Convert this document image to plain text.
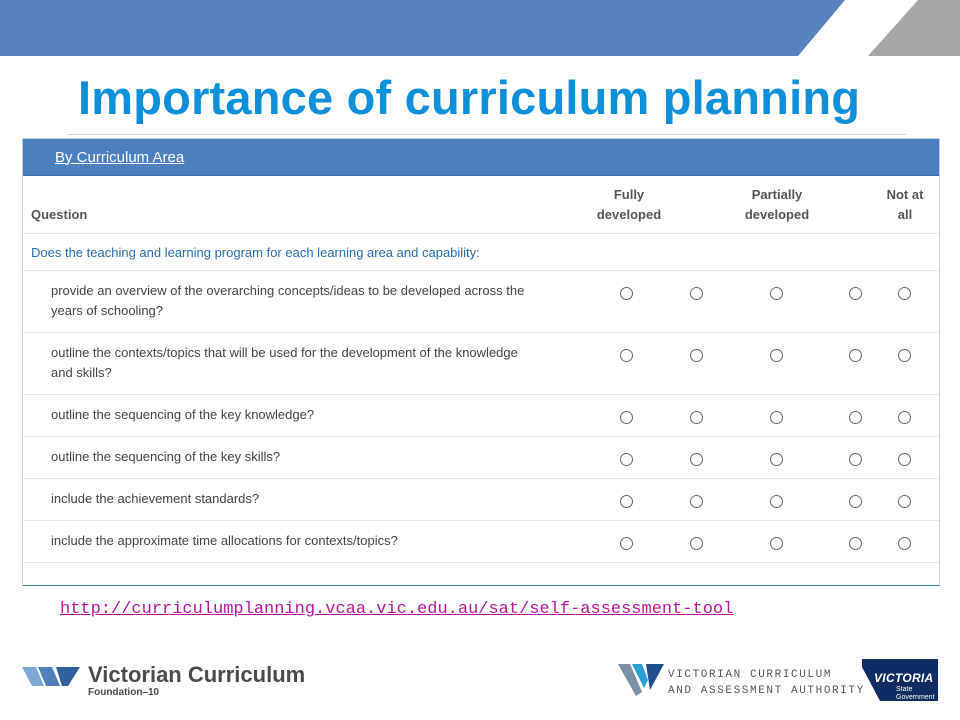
Importance of curriculum planning
By Curriculum Area
Question
Fully
developed
Partially
developed
Not at
all
Does the teaching and learning program for each learning area and capability:
provide an overview of the overarching concepts/ideas to be developed across the
years of schooling?
outline the contexts/topics that will be used for the development of the knowledge
and skills?
outline the sequencing of the key knowledge?
outline the sequencing of the key skills?
include the achievement standards?
include the approximate time allocations for contexts/topics?
http://curriculumplanning.vcaa.vic.edu.au/sat/self-assessment-tool
Victorian Curriculum
Foundation–10
VICTORIAN CURRICULUM
AND ASSESSMENT AUTHORITY
VICTORIA
State
Government
